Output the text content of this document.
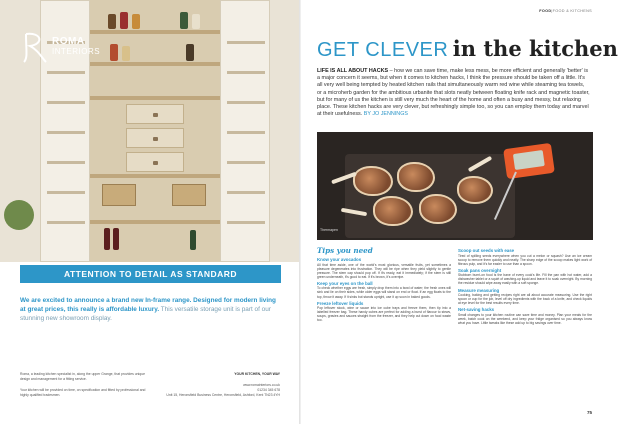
ROMA
INTERIORS
ATTENTION TO DETAIL AS STANDARD

We are excited to announce a brand new In-frame range. Designed for modern living at great prices, this really is affordable luxury. This versatile storage unit is part of our stunning new showroom display.

Roma, a leading kitchen specialist in, along the upper Grange, that provides unique design and management for a fitting service.
Your kitchen will be provided on time, on specification and fitted by professional and highly qualified tradesmen.
YOUR KITCHEN, YOUR WAY
www.romainteriors.co.uk
01234 345 678
Unit 15, Heronsfield Business Centre, Heronsfield, Ashford, Kent TN23 4YH
FOOD|FOOD & KITCHENS
GET CLEVER in the kitchen

LIFE IS ALL ABOUT HACKS – how we can save time, make less mess, be more efficient and generally 'better' is a major concern it seems, but when it comes to kitchen hacks, I think the pressure should be taken off a little. It's all very well being tempted by heated kitchen rails that simultaneously warm red wine while steaming tea towels, or a microherb garden for the ambitious urbanite that slots neatly between floating knife rack and magnetic toaster, but for many of us the kitchen is still very much the heart of the home and often a busy and messy, but relaxing place. These kitchen hacks are very clever, but refreshingly simple too, so you can employ them today and marvel at their usefulness. BY JO JENNINGS

Thermapen
Tips you need
Know your avocados

All that time aside, one of the world's most glorious, versatile fruits, yet sometimes a pleasure degenerates into frustration. They will be ripe when they yield slightly to gentle pressure. The stem cap should pop off. If it's ready, eat it immediately; if the stem is still green underneath, it's good to eat. If it's brown, it's overripe.

Keep your eyes on the ball

To check whether eggs are fresh, simply drop them into a bowl of water; the fresh ones will sink and lie on their sides, while older eggs will stand on end or float. If an egg floats to the top, throw it away. If it sinks but stands upright, use it up soon in baked goods.

Freeze leftover liquids

Pop leftover stock, wine or sauce into ice cube trays and freeze them, then tip into a labelled freezer bag. These handy cubes are perfect for adding a burst of flavour to stews, soups, gravies and sauces straight from the freezer, and they help cut down on food waste too.

Scoop out seeds with ease

Tired of spilling seeds everywhere when you cut a melon or squash? Use an ice cream scoop to remove them quickly and neatly. The sharp edge of the scoop makes light work of fibrous pulp, and it's far easier to use than a spoon.

Soak pans overnight

Stubborn burnt-on food is the bane of every cook's life. Fill the pan with hot water, add a dishwasher tablet or a squirt of washing-up liquid and leave it to soak overnight. By morning the residue should wipe away easily with a soft sponge.

Measure measuring

Cooking, baking and getting recipes right are all about accurate measuring. Use the right spoon or cup for the job, level off dry ingredients with the back of a knife, and check liquids at eye level for the best results every time.

Net-saving hacks

Small changes to your kitchen routine can save time and money. Plan your meals for the week, batch cook on the weekend, and keep your fridge organised so you always know what you have. Little tweaks like these add up to big savings over time.

75
